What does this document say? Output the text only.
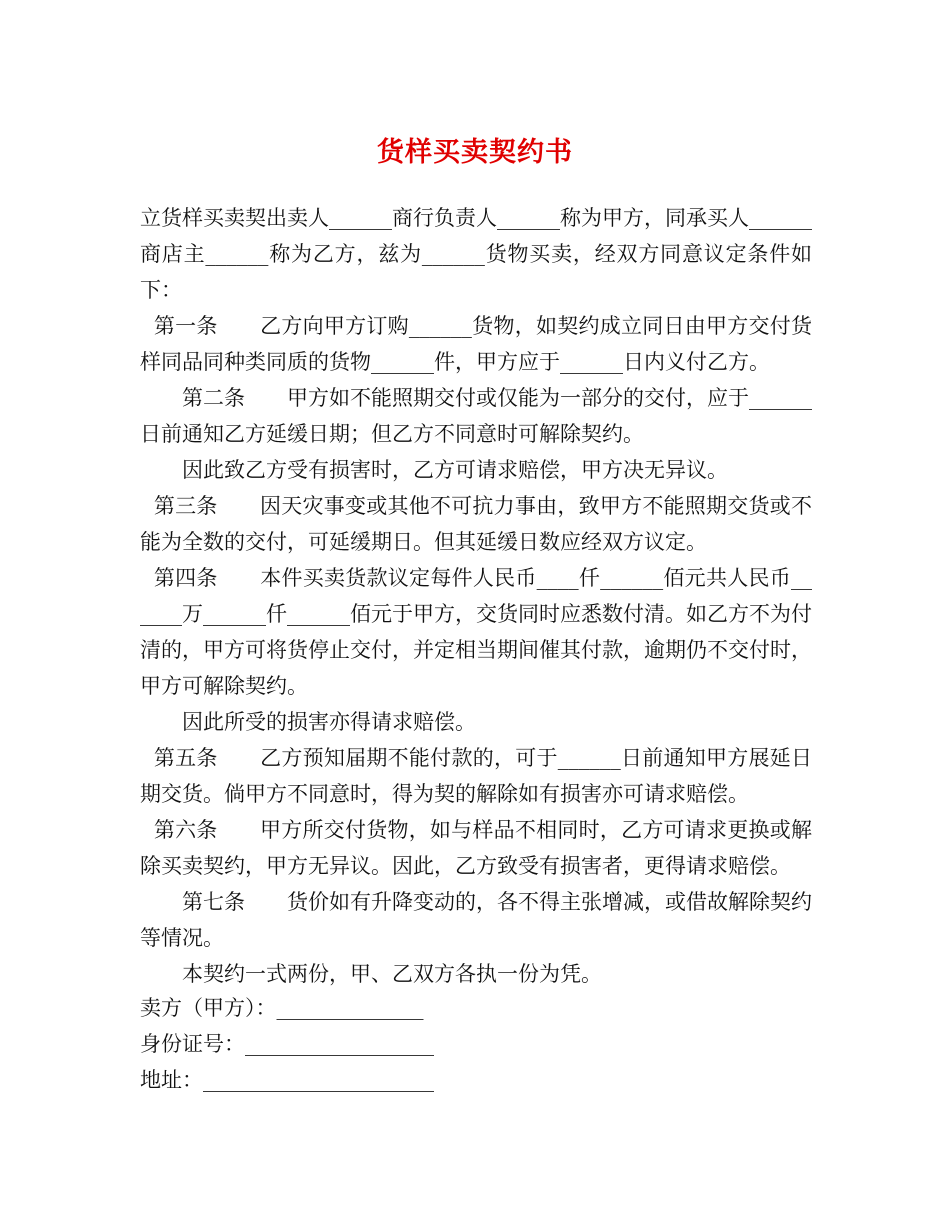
货样买卖契约书

立货样买卖契出卖人______商行负责人______称为甲方，同承买人______商店主______称为乙方，兹为______货物买卖，经双方同意议定条件如下：

第一条　　乙方向甲方订购______货物，如契约成立同日由甲方交付货样同品同种类同质的货物______件，甲方应于______日内义付乙方。

　　第二条　　甲方如不能照期交付或仅能为一部分的交付，应于______日前通知乙方延缓日期；但乙方不同意时可解除契约。

　　因此致乙方受有损害时，乙方可请求赔偿，甲方决无异议。

第三条　　因天灾事变或其他不可抗力事由，致甲方不能照期交货或不能为全数的交付，可延缓期日。但其延缓日数应经双方议定。

第四条　　本件买卖货款议定每件人民币____仟______佰元共人民币______万______仟______佰元于甲方，交货同时应悉数付清。如乙方不为付清的，甲方可将货停止交付，并定相当期间催其付款，逾期仍不交付时，甲方可解除契约。

　　因此所受的损害亦得请求赔偿。

第五条　　乙方预知届期不能付款的，可于______日前通知甲方展延日期交货。倘甲方不同意时，得为契的解除如有损害亦可请求赔偿。

第六条　　甲方所交付货物，如与样品不相同时，乙方可请求更换或解除买卖契约，甲方无异议。因此，乙方致受有损害者，更得请求赔偿。

　　第七条　　货价如有升降变动的，各不得主张增减，或借故解除契约等情况。

　　本契约一式两份，甲、乙双方各执一份为凭。

卖方（甲方）：______________

身份证号：__________________

地址：______________________
